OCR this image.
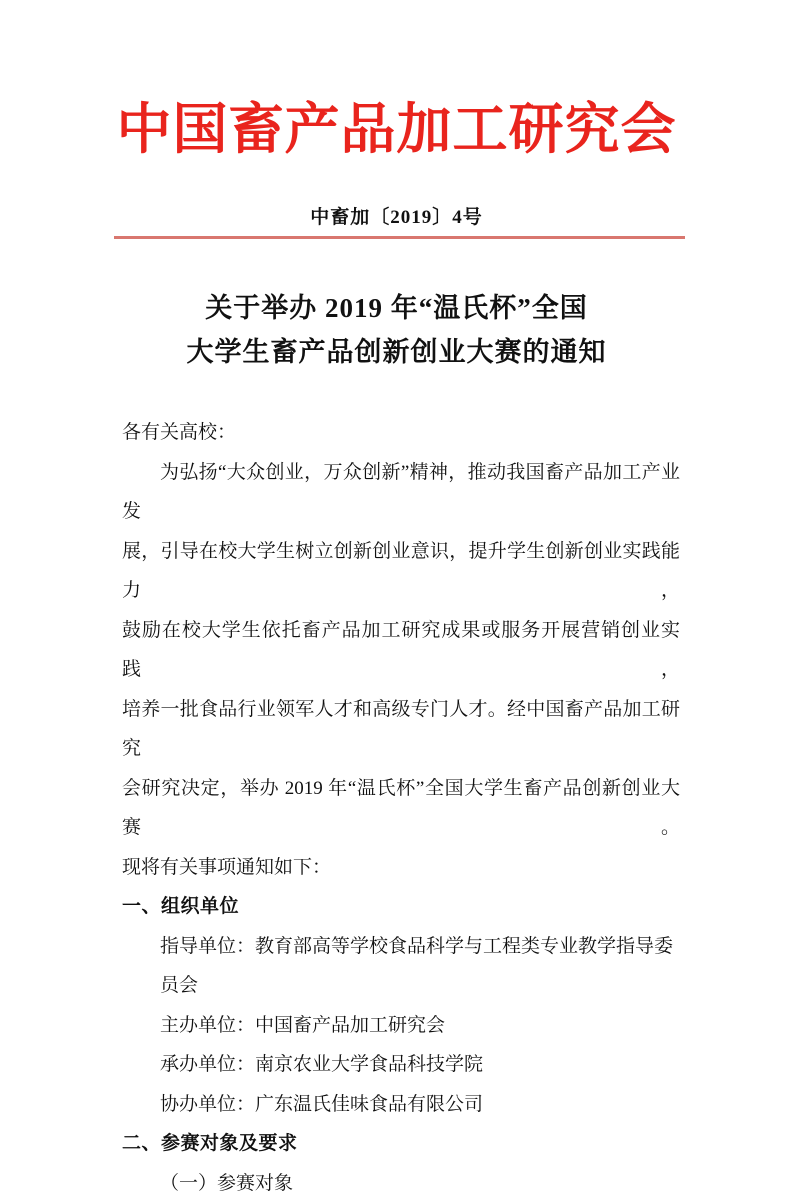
中国畜产品加工研究会
中畜加〔2019〕4号
关于举办 2019 年“温氏杯”全国
大学生畜产品创新创业大赛的通知
各有关高校：
为弘扬“大众创业，万众创新”精神，推动我国畜产品加工产业发
展，引导在校大学生树立创新创业意识，提升学生创新创业实践能力，
鼓励在校大学生依托畜产品加工研究成果或服务开展营销创业实践，
培养一批食品行业领军人才和高级专门人才。经中国畜产品加工研究
会研究决定，举办 2019 年“温氏杯”全国大学生畜产品创新创业大赛。
现将有关事项通知如下：
一、组织单位
指导单位：教育部高等学校食品科学与工程类专业教学指导委
员会
主办单位：中国畜产品加工研究会
承办单位：南京农业大学食品科技学院
协办单位：广东温氏佳味食品有限公司
二、参赛对象及要求
（一）参赛对象
